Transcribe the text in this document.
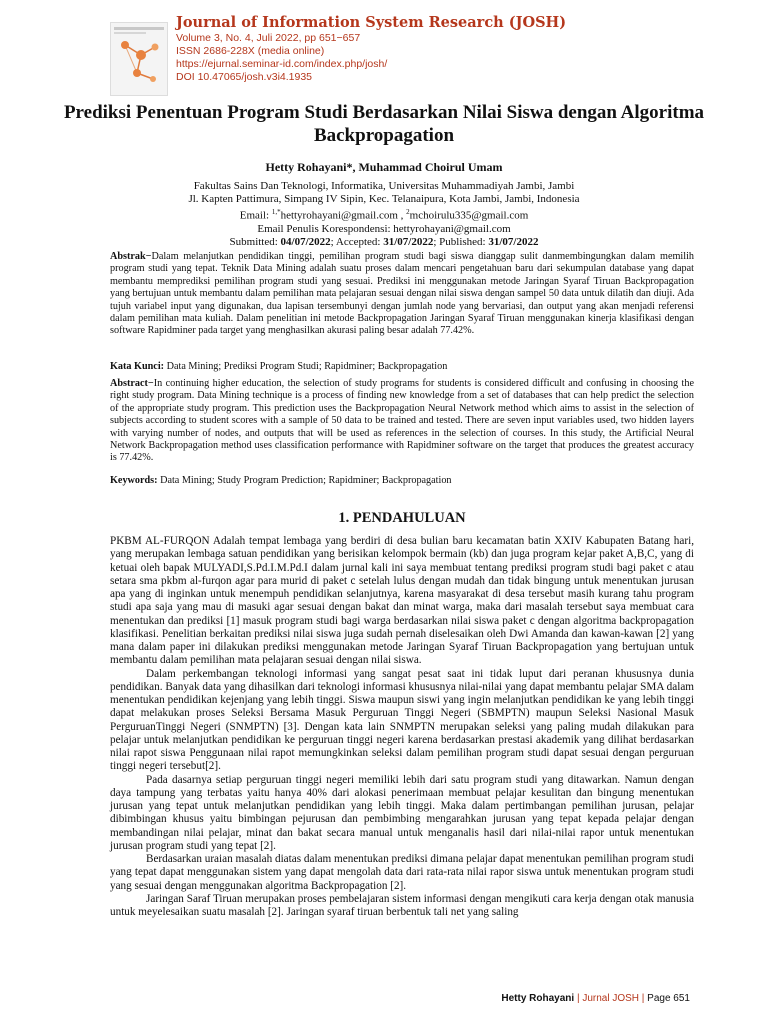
Journal of Information System Research (JOSH)
Volume 3, No. 4, Juli 2022, pp 651−657
ISSN 2686-228X (media online)
https://ejurnal.seminar-id.com/index.php/josh/
DOI 10.47065/josh.v3i4.1935
Prediksi Penentuan Program Studi Berdasarkan Nilai Siswa dengan Algoritma Backpropagation
Hetty Rohayani*, Muhammad Choirul Umam
Fakultas Sains Dan Teknologi, Informatika, Universitas Muhammadiyah Jambi, Jambi
Jl. Kapten Pattimura, Simpang IV Sipin, Kec. Telanaipura, Kota Jambi, Jambi, Indonesia
Email: $^{1,*}$hettyrohayani@gmail.com , $^2$mchoirulu335@gmail.com
Email Penulis Korespondensi: hettyrohayani@gmail.com
Submitted: 04/07/2022; Accepted: 31/07/2022; Published: 31/07/2022
Abstrak−Dalam melanjutkan pendidikan tinggi, pemilihan program studi bagi siswa dianggap sulit danmembingungkan dalam memilih program studi yang tepat. Teknik Data Mining adalah suatu proses dalam mencari pengetahuan baru dari sekumpulan database yang dapat membantu memprediksi pemilihan program studi yang sesuai. Prediksi ini menggunakan metode Jaringan Syaraf Tiruan Backpropagation yang bertujuan untuk membantu dalam pemilihan mata pelajaran sesuai dengan nilai siswa dengan sampel 50 data untuk dilatih dan diuji. Ada tujuh variabel input yang digunakan, dua lapisan tersembunyi dengan jumlah node yang bervariasi, dan output yang akan menjadi referensi dalam pemilihan mata kuliah. Dalam penelitian ini metode Backpropagation Jaringan Syaraf Tiruan menggunakan kinerja klasifikasi dengan software Rapidminer pada target yang menghasilkan akurasi paling besar adalah 77.42%.
Kata Kunci: Data Mining; Prediksi Program Studi; Rapidminer; Backpropagation
Abstract−In continuing higher education, the selection of study programs for students is considered difficult and confusing in choosing the right study program. Data Mining technique is a process of finding new knowledge from a set of databases that can help predict the selection of the appropriate study program. This prediction uses the Backpropagation Neural Network method which aims to assist in the selection of subjects according to student scores with a sample of 50 data to be trained and tested. There are seven input variables used, two hidden layers with varying number of nodes, and outputs that will be used as references in the selection of courses. In this study, the Artificial Neural Network Backpropagation method uses classification performance with Rapidminer software on the target that produces the greatest accuracy is 77.42%.
Keywords: Data Mining; Study Program Prediction; Rapidminer; Backpropagation
1. PENDAHULUAN

PKBM AL-FURQON Adalah tempat lembaga yang berdiri di desa bulian baru kecamatan batin XXIV Kabupaten Batang hari, yang merupakan lembaga satuan pendidikan yang berisikan kelompok bermain (kb) dan juga program kejar paket A,B,C, yang di ketuai oleh bapak MULYADI,S.Pd.I.M.Pd.I dalam jurnal kali ini saya membuat tentang prediksi program studi bagi paket c atau setara sma pkbm al-furqon agar para murid di paket c setelah lulus dengan mudah dan tidak bingung untuk menentukan jurusan apa yang di inginkan untuk menempuh pendidikan selanjutnya, karena masyarakat di desa tersebut masih kurang tahu program studi apa saja yang mau di masuki agar sesuai dengan bakat dan minat warga, maka dari masalah tersebut saya membuat cara menentukan dan prediksi [1] masuk program studi bagi warga berdasarkan nilai siswa paket c dengan algoritma backpropagation klasifikasi. Penelitian berkaitan prediksi nilai siswa juga sudah pernah diselesaikan oleh Dwi Amanda dan kawan-kawan [2] yang mana dalam paper ini dilakukan prediksi menggunakan metode Jaringan Syaraf Tiruan Backpropagation yang bertujuan untuk membantu dalam pemilihan mata pelajaran sesuai dengan nilai siswa.

Dalam perkembangan teknologi informasi yang sangat pesat saat ini tidak luput dari peranan khususnya dunia pendidikan. Banyak data yang dihasilkan dari teknologi informasi khususnya nilai-nilai yang dapat membantu pelajar SMA dalam menentukan pendidikan kejenjang yang lebih tinggi. Siswa maupun siswi yang ingin melanjutkan pendidikan ke yang lebih tinggi dapat melakukan proses Seleksi Bersama Masuk Perguruan Tinggi Negeri (SBMPTN) maupun Seleksi Nasional Masuk PerguruanTinggi Negeri (SNMPTN) [3]. Dengan kata lain SNMPTN merupakan seleksi yang paling mudah dilakukan para pelajar untuk melanjutkan pendidikan ke perguruan tinggi negeri karena berdasarkan prestasi akademik yang dilihat berdasarkan nilai rapot siswa Penggunaan nilai rapot memungkinkan seleksi dalam pemilihan program studi dapat sesuai dengan perguruan tinggi negeri tersebut[2].

Pada dasarnya setiap perguruan tinggi negeri memiliki lebih dari satu program studi yang ditawarkan. Namun dengan daya tampung yang terbatas yaitu hanya 40% dari alokasi penerimaan membuat pelajar kesulitan dan bingung menentukan jurusan yang tepat untuk melanjutkan pendidikan yang lebih tinggi. Maka dalam pertimbangan pemilihan jurusan, pelajar dibimbingan khusus yaitu bimbingan pejurusan dan pembimbing mengarahkan jurusan yang tepat kepada pelajar dengan membandingan nilai pelajar, minat dan bakat secara manual untuk menganalis hasil dari nilai-nilai rapor untuk menentukan jurusan program studi yang tepat [2].

Berdasarkan uraian masalah diatas dalam menentukan prediksi dimana pelajar dapat menentukan pemilihan program studi yang tepat dapat menggunakan sistem yang dapat mengolah data dari rata-rata nilai rapor siswa untuk menentukan program studi yang sesuai dengan menggunakan algoritma Backpropagation [2].

Jaringan Saraf Tiruan merupakan proses pembelajaran sistem informasi dengan mengikuti cara kerja dengan otak manusia untuk meyelesaikan suatu masalah [2]. Jaringan syaraf tiruan berbentuk tali net yang saling

Hetty Rohayani | Jurnal JOSH | Page 651
